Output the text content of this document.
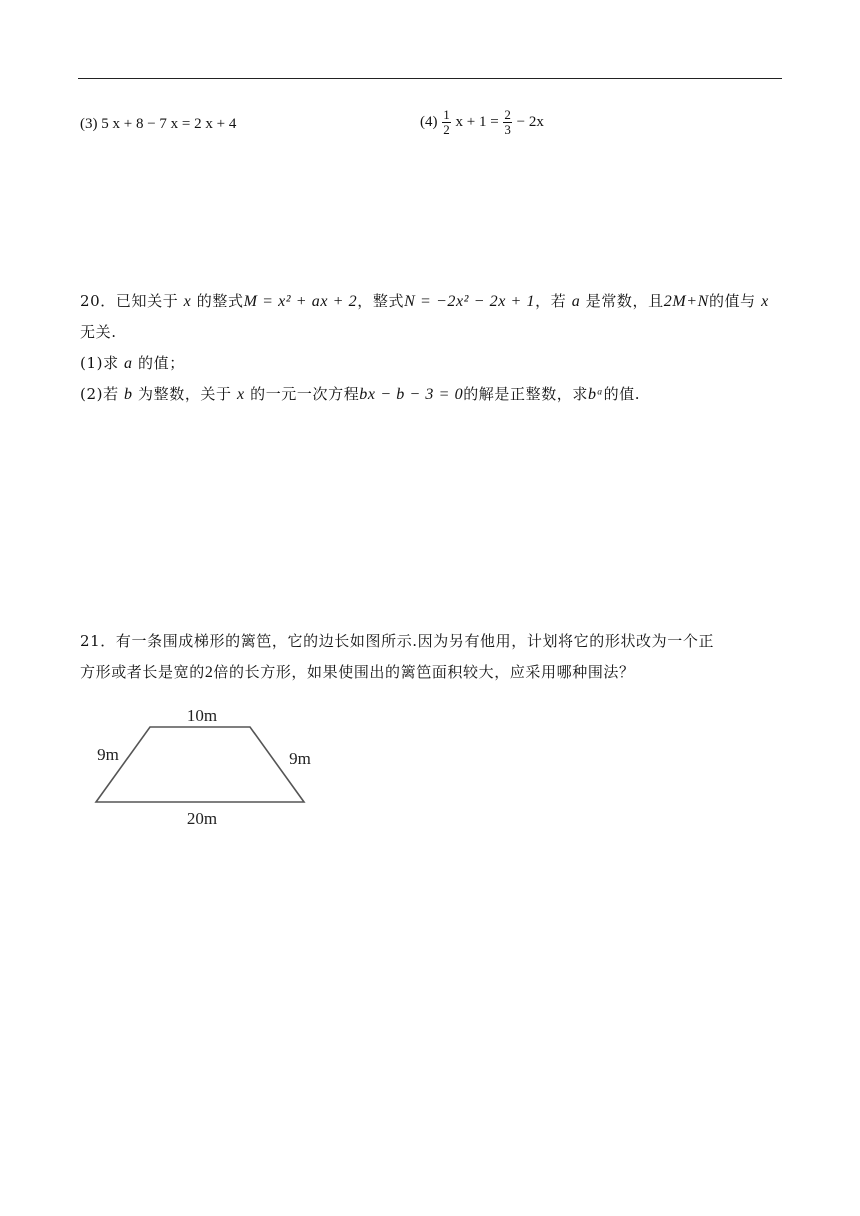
(3) 5 x + 8 − 7 x = 2 x + 4	$(4) \frac{1}{2}$ $x + 1 = \frac{2}{3} - 2x$
20．已知关于 x 的整式M = x² + ax + 2，整式N = −2x² − 2x + 1，若 a 是常数，且2M+N的值与 x
无关.
(1)求 a 的值；
(2)若 b 为整数，关于 x 的一元一次方程bx − b − 3 = 0的解是正整数，求bᵃ的值.
21．有一条围成梯形的篱笆，它的边长如图所示.因为另有他用，计划将它的形状改为一个正
方形或者长是宽的2倍的长方形，如果使围出的篱笆面积较大，应采用哪种围法？
10m
9m	9m
20m
